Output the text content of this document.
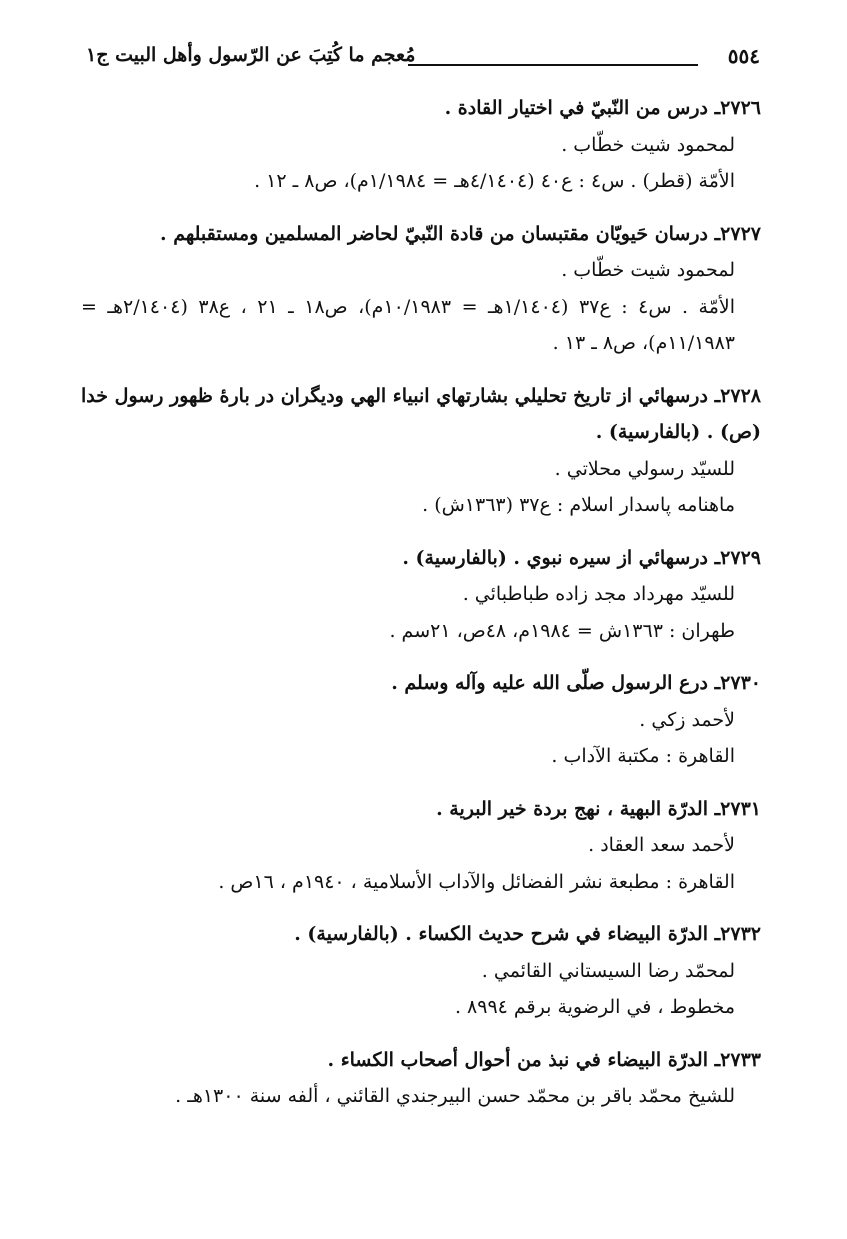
٥٥٤
مُعجم ما كُتِبَ عن الرّسول وأهل البيت ج١
٢٧٢٦ـ درس من النّبيّ في اختيار القادة .
لمحمود شيت خطّاب .
الأمّة (قطر) . س٤ : ع٤٠ (٤/١٤٠٤هـ = ١/١٩٨٤م)، ص٨ ـ ١٢ .
٢٧٢٧ـ درسان حَيويّان مقتبسان من قادة النّبيّ لحاضر المسلمين ومستقبلهم .
لمحمود شيت خطّاب .
الأمّة . س٤ : ع٣٧ (١/١٤٠٤هـ = ١٠/١٩٨٣م)، ص١٨ ـ ٢١ ، ع٣٨ (٢/١٤٠٤هـ = ١١/١٩٨٣م)، ص٨ ـ ١٣ .
٢٧٢٨ـ درسهائي از تاريخ تحليلي بشارتهاي انبياء الهي وديگران در بارهٔ ظهور رسول خدا (ص) . (بالفارسية) .
للسيّد رسولي محلاتي .
ماهنامه پاسدار اسلام : ع٣٧ (١٣٦٣ش) .
٢٧٢٩ـ درسهائي از سيره نبوي . (بالفارسية) .
للسيّد مهرداد مجد زاده طباطبائي .
طهران : ١٣٦٣ش = ١٩٨٤م، ٤٨ص، ٢١سم .
٢٧٣٠ـ درع الرسول صلّى الله عليه وآله وسلم .
لأحمد زكي .
القاهرة : مكتبة الآداب .
٢٧٣١ـ الدرّة البهية ، نهج بردة خير البرية .
لأحمد سعد العقاد .
القاهرة : مطبعة نشر الفضائل والآداب الأسلامية ، ١٩٤٠م ، ١٦ص .
٢٧٣٢ـ الدرّة البيضاء في شرح حديث الكساء . (بالفارسية) .
لمحمّد رضا السيستاني القائمي .
مخطوط ، في الرضوية برقم ٨٩٩٤ .
٢٧٣٣ـ الدرّة البيضاء في نبذ من أحوال أصحاب الكساء .
للشيخ محمّد باقر بن محمّد حسن البيرجندي القائني ، ألفه سنة ١٣٠٠هـ .
